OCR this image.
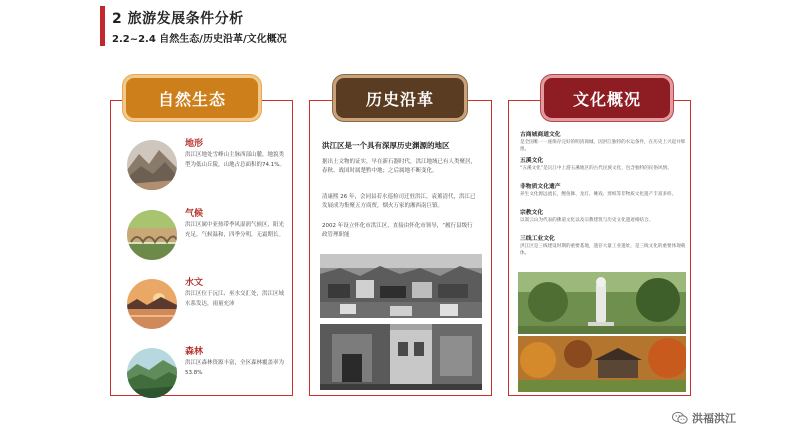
2 旅游发展条件分析
2.2~2.4 自然生态/历史沿革/文化概况
自然生态
地形
洪江区地处雪峰山主脉西部山麓，地貌类型为低山丘陵，山地占总面积的74.1%。
气候
洪江区属中亚热带季风湿润气候区，阳光充足，气候温和，四季分明，无霜期长。
水文
洪江区位于沅江、巫水交汇处，洪江区域水系发达，雨量充沛
森林
洪江区森林资源丰富，全区森林覆盖率为53.8%
历史沿革
洪江区是一个具有深厚历史渊源的地区
据出土文物的证实，早在新石器时代，洪江地域已有人类聚居，春秋、战国时属楚黔中地；之后属地不断变化。
清康熙 26 年，会同县若水巡检司迁驻洪江，袁薰清代，洪江已发展成为集聚五方商贾，烟火万家的湘西南巨镇。
2002 年设立怀化市洪江区，直接由怀化市领导，“履行县级行政管理职能
文化概况
古商城商道文化
是全国唯一一座保存完好的明清商城，因洪江独特的水运条件，在历史上兴起并辉煌。
五溪文化
“五溪文化”是沅江中上游五溪地区的古代民族文化，包含独特的民俗风情。
非物质文化遗产
养生文化源远流长，鲤鱼舞、龙灯、傩戏、剪纸等非物质文化遗产丰富多样。
宗教文化
以嵩云山为代表的佛道文化以及宗教建筑与历史文化遗迹相结合。
三线工业文化
洪江区是三线建设时期的重要基地，遗存大量工业遗址，是三线文化的重要体现载体。
洪福洪江
